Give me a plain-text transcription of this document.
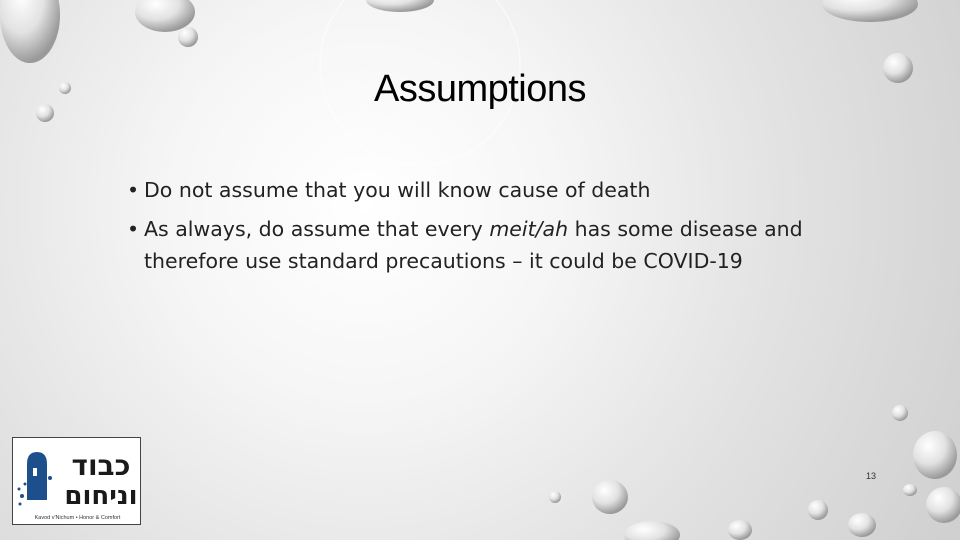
Assumptions
• Do not assume that you will know cause of death
• As always, do assume that every meit/ah has some disease and
therefore use standard precautions – it could be COVID-19
כבוד
וניחום
Kavod v'Nichum • Honor & Comfort
13
